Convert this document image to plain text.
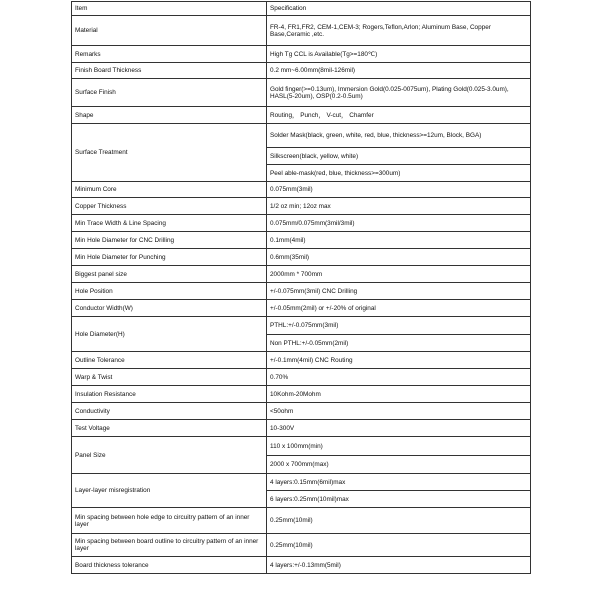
Item	Specification
Material	FR-4, FR1,FR2, CEM-1,CEM-3; Rogers,Teflon,Arlon; Aluminum Base, Copper Base,Ceramic ,etc.
Remarks	High Tg CCL is Available(Tg>=180℃)
Finish Board Thickness	0.2 mm~6.00mm(8mil-126mil)
Surface Finish	Gold finger(>=0.13um), Immersion Gold(0.025-0075um), Plating Gold(0.025-3.0um), HASL(5-20um), OSP(0.2-0.5um)
Shape	Routing， Punch， V-cut， Chamfer
Surface Treatment	Solder Mask(black, green, white, red, blue, thickness>=12um, Block, BGA)
	Silkscreen(black, yellow, white)
	Peel able-mask(red, blue, thickness>=300um)
Minimum Core	0.075mm(3mil)
Copper Thickness	1/2 oz min; 12oz max
Min Trace Width & Line Spacing	0.075mm/0.075mm(3mil/3mil)
Min Hole Diameter for CNC Drilling	0.1mm(4mil)
Min Hole Diameter for Punching	0.6mm(35mil)
Biggest panel size	2000mm * 700mm
Hole Position	+/-0.075mm(3mil) CNC Drilling
Conductor Width(W)	+/-0.05mm(2mil) or +/-20% of original
Hole Diameter(H)	PTHL:+/-0.075mm(3mil)
	Non PTHL:+/-0.05mm(2mil)
Outline Tolerance	+/-0.1mm(4mil) CNC Routing
Warp & Twist	0.70%
Insulation Resistance	10Kohm-20Mohm
Conductivity	<50ohm
Test Voltage	10-300V
Panel Size	110 x 100mm(min)
	2000 x 700mm(max)
Layer-layer misregistration	4 layers:0.15mm(6mil)max
	6 layers:0.25mm(10mil)max
Min spacing between hole edge to circuitry pattern of an inner layer	0.25mm(10mil)
Min spacing between board outline to circuitry pattern of an inner layer	0.25mm(10mil)
Board thickness tolerance	4 layers:+/-0.13mm(5mil)
